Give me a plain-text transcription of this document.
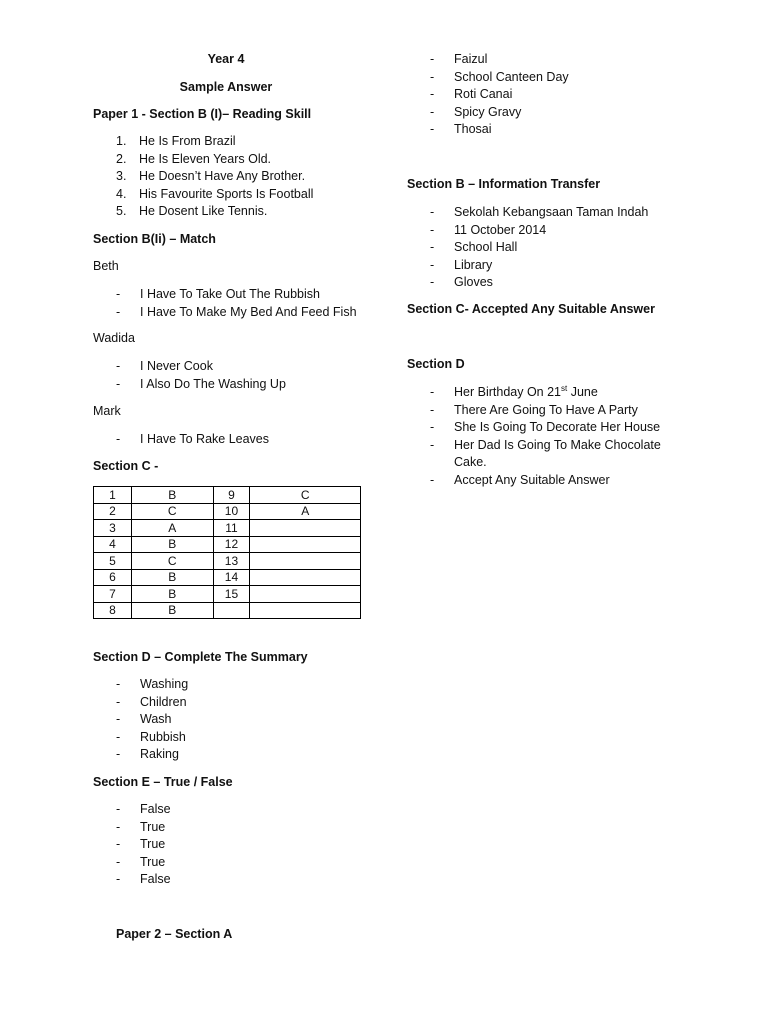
Year 4
Sample Answer
Paper 1 - Section B (I)– Reading Skill
1. He Is From Brazil
2. He Is Eleven Years Old.
3. He Doesn’t Have Any Brother.
4. His Favourite Sports Is Football
5. He Dosent Like Tennis.
Section B(Ii) – Match
Beth
- I Have To Take Out The Rubbish
- I Have To Make My Bed And Feed Fish
Wadida
- I Never Cook
- I Also Do The Washing Up
Mark
- I Have To Rake Leaves
Section C -
1	B	9	C
2	C	10	A
3	A	11	
4	B	12	
5	C	13	
6	B	14	
7	B	15	
8	B		
Section D – Complete The Summary
- Washing
- Children
- Wash
- Rubbish
- Raking
Section E – True / False
- False
- True
- True
- True
- False
Paper 2 – Section A
- Faizul
- School Canteen Day
- Roti Canai
- Spicy Gravy
- Thosai
Section B – Information Transfer
- Sekolah Kebangsaan Taman Indah
- 11 October 2014
- School Hall
- Library
- Gloves
Section C- Accepted Any Suitable Answer
Section D
- Her Birthday On 21st June
- There Are Going To Have A Party
- She Is Going To Decorate Her House
- Her Dad Is Going To Make Chocolate
Cake.
- Accept Any Suitable Answer
